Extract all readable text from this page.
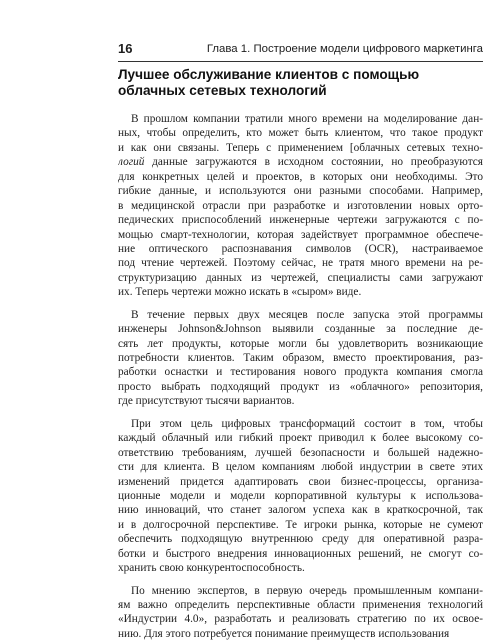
16	Глава 1. Построение модели цифрового маркетинга
Лучшее обслуживание клиентов с помощью
облачных сетевых технологий
В прошлом компании тратили много времени на моделирование дан-
ных, чтобы определить, кто может быть клиентом, что такое продукт
и как они связаны. Теперь с применением [облачных сетевых техно-
логий данные загружаются в исходном состоянии, но преобразуются
для конкретных целей и проектов, в которых они необходимы. Это
гибкие данные, и используются они разными способами. Например,
в медицинской отрасли при разработке и изготовлении новых орто-
педических приспособлений инженерные чертежи загружаются с по-
мощью смарт-технологии, которая задействует программное обеспече-
ние оптического распознавания символов (OCR), настраиваемое
под чтение чертежей. Поэтому сейчас, не тратя много времени на ре-
структуризацию данных из чертежей, специалисты сами загружают
их. Теперь чертежи можно искать в «сыром» виде.
В течение первых двух месяцев после запуска этой программы
инженеры Johnson&Johnson выявили созданные за последние де-
сять лет продукты, которые могли бы удовлетворить возникающие
потребности клиентов. Таким образом, вместо проектирования, раз-
работки оснастки и тестирования нового продукта компания смогла
просто выбрать подходящий продукт из «облачного» репозитория,
где присутствуют тысячи вариантов.
При этом цель цифровых трансформаций состоит в том, чтобы
каждый облачный или гибкий проект приводил к более высокому со-
ответствию требованиям, лучшей безопасности и большей надежно-
сти для клиента. В целом компаниям любой индустрии в свете этих
изменений придется адаптировать свои бизнес-процессы, организа-
ционные модели и модели корпоративной культуры к использова-
нию инноваций, что станет залогом успеха как в краткосрочной, так
и в долгосрочной перспективе. Те игроки рынка, которые не сумеют
обеспечить подходящую внутреннюю среду для оперативной разра-
ботки и быстрого внедрения инновационных решений, не смогут со-
хранить свою конкурентоспособность.
По мнению экспертов, в первую очередь промышленным компани-
ям важно определить перспективные области применения технологий
«Индустрии 4.0», разработать и реализовать стратегию по их освое-
нию. Для этого потребуется понимание преимуществ использования
